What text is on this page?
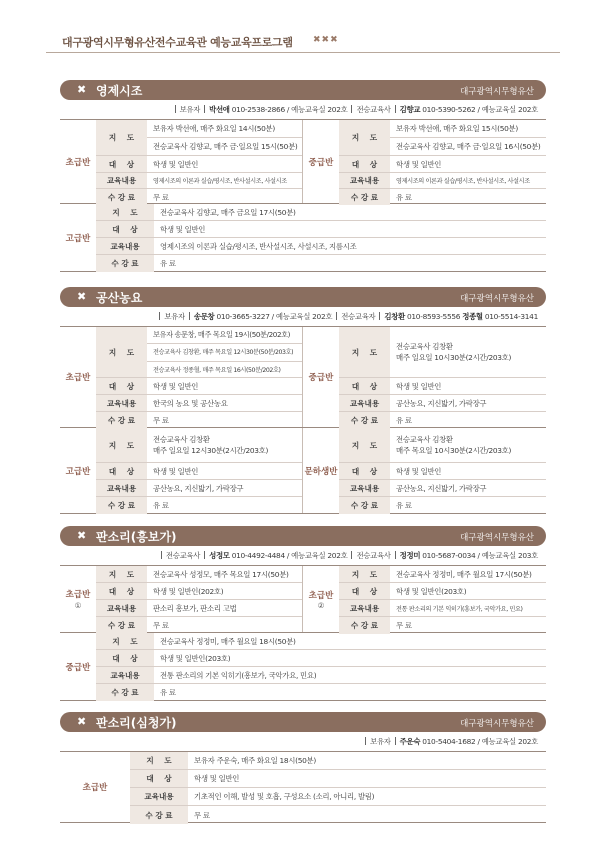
대구광역시무형유산전수교육관 예능교육프로그램 ✖✖✖
✖ 영제시조	대구광역시무형유산
보유자 박선애 010-2538-2866 / 예능교육실 202호 전승교육사 김향교 010-5390-5262 / 예능교육실 202호
초급반
지    도
보유자 박선애, 매주 화요일 14시(50분)
전승교육사 김향교, 매주 금·일요일 15시(50분)
대    상	학생 및 일반인
교육내용	영제시조의 이론과 실습/평시조, 반사설시조, 사설시조
수 강 료	무 료
중급반
지    도
보유자 박선애, 매주 화요일 15시(50분)
전승교육사 김향교, 매주 금·일요일 16시(50분)
대    상	학생 및 일반인
교육내용	영제시조의 이론과 실습/평시조, 반사설시조, 사설시조
수 강 료	유 료
고급반
지    도	전승교육사 김향교, 매주 금요일 17시(50분)
대    상	학생 및 일반인
교육내용	영제시조의 이론과 실습/평시조, 반사설시조, 사설시조, 지름시조
수 강 료	유 료
✖ 공산농요	대구광역시무형유산
보유자 송문창 010-3665-3227 / 예능교육실 202호 전승교육자 김창환 010-8593-5556 정종혈 010-5514-3141
초급반
지    도
보유자 송문창, 매주 목요일 19시(50분/202호)
전승교육사 김창환, 매주 목요일 12시30분(50분/203호)
전승교육사 정종혈, 매주 목요일 16시(50분/202호)
대    상	학생 및 일반인
교육내용	한국의 농요 및 공산농요
수 강 료	무 료
중급반
지    도
전승교육사 김창환
매주 일요일 10시30분(2시간/203호)
대    상	학생 및 일반인
교육내용	공산농요, 지신밟기, 가락장구
수 강 료	유 료
고급반
지    도
전승교육사 김창환
매주 일요일 12시30분(2시간/203호)
대    상	학생 및 일반인
교육내용	공산농요, 지신밟기, 가락장구
수 강 료	유 료
문하생반
지    도
전승교육사 김창환
매주 목요일 10시30분(2시간/203호)
대    상	학생 및 일반인
교육내용	공산농요, 지신밟기, 가락장구
수 강 료	유 료
✖ 판소리(흥보가)	대구광역시무형유산
전승교육사 성정모 010-4492-4484 / 예능교육실 202호 전승교육사 정정미 010-5687-0034 / 예능교육실 203호
초급반
①
지    도	전승교육사 성정모, 매주 목요일 17시(50분)
대    상	학생 및 일반인(202호)
교육내용	판소리 흥보가, 판소리 고법
수 강 료	무 료
초급반
②
지    도	전승교육사 정정미, 매주 월요일 17시(50분)
대    상	학생 및 일반인(203호)
교육내용	전통 판소리의 기본 익히기(흥보가, 국악가요, 민요)
수 강 료	무 료
중급반
지    도	전승교육사 정정미, 매주 월요일 18시(50분)
대    상	학생 및 일반인(203호)
교육내용	전통 판소리의 기본 익히기(흥보가, 국악가요, 민요)
수 강 료	유 료
✖ 판소리(심청가)	대구광역시무형유산
보유자 주운숙 010-5404-1682 / 예능교육실 202호
초급반
지    도	보유자 주운숙, 매주 화요일 18시(50분)
대    상	학생 및 일반인
교육내용	기초적인 이해, 발성 및 호흡, 구성요소 (소리, 아니리, 발림)
수 강 료	무 료
